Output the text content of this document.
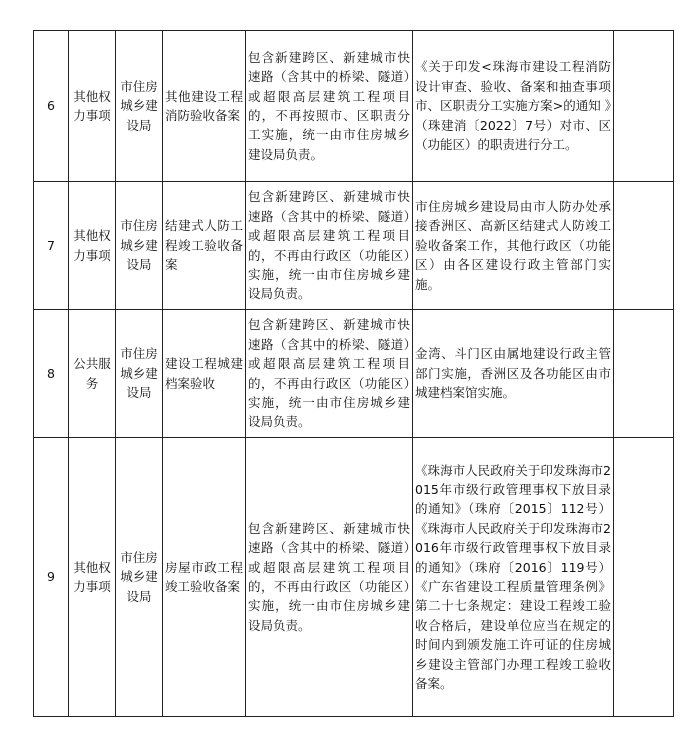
6	其他权力事项	市住房城乡建设局	其他建设工程消防验收备案	包含新建跨区、新建城市快速路（含其中的桥梁、隧道）或超限高层建筑工程项目的，不再按照市、区职责分工实施，统一由市住房城乡建设局负责。	《关于印发<珠海市建设工程消防设计审查、验收、备案和抽查事项市、区职责分工实施方案>的通知 》（珠建消〔2022〕7号）对市、区（功能区）的职责进行分工。	
7	其他权力事项	市住房城乡建设局	结建式人防工程竣工验收备案	包含新建跨区、新建城市快速路（含其中的桥梁、隧道）或超限高层建筑工程项目的，不再由行政区（功能区）实施，统一由市住房城乡建设局负责。	市住房城乡建设局由市人防办处承接香洲区、高新区结建式人防竣工验收备案工作，其他行政区（功能区）由各区建设行政主管部门实施。	
8	公共服务	市住房城乡建设局	建设工程城建档案验收	包含新建跨区、新建城市快速路（含其中的桥梁、隧道）或超限高层建筑工程项目的，不再由行政区（功能区）实施，统一由市住房城乡建设局负责。	金湾、斗门区由属地建设行政主管部门实施，香洲区及各功能区由市城建档案馆实施。	
9	其他权力事项	市住房城乡建设局	房屋市政工程竣工验收备案	包含新建跨区、新建城市快速路（含其中的桥梁、隧道）或超限高层建筑工程项目的，不再由行政区（功能区）实施，统一由市住房城乡建设局负责。	《珠海市人民政府关于印发珠海市2015年市级行政管理事权下放目录的通知》（珠府〔2015〕112号）《珠海市人民政府关于印发珠海市2016年市级行政管理事权下放目录的通知》（珠府〔2016〕119号）《广东省建设工程质量管理条例》第二十七条规定：建设工程竣工验收合格后，建设单位应当在规定的时间内到颁发施工许可证的住房城乡建设主管部门办理工程竣工验收备案。	
